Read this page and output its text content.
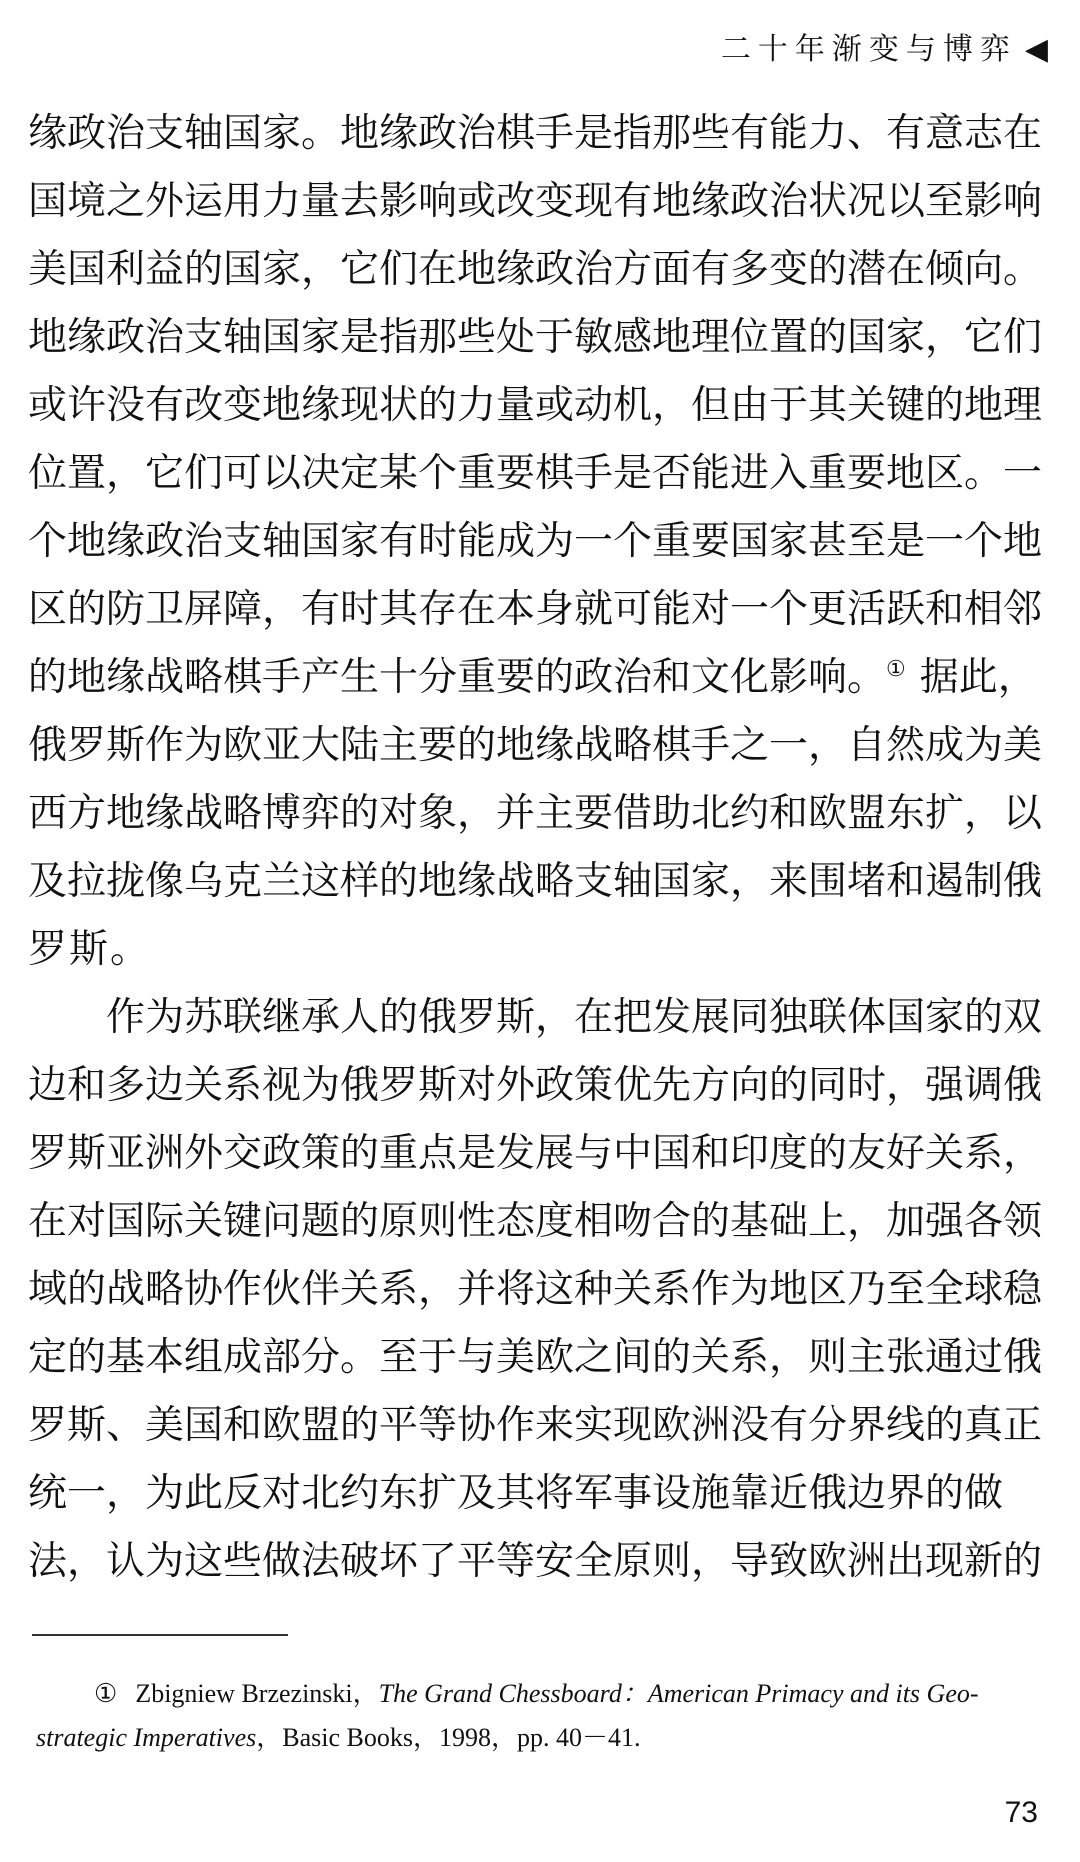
二十年渐变与博弈 ◀
缘政治支轴国家。地缘政治棋手是指那些有能力、有意志在
国境之外运用力量去影响或改变现有地缘政治状况以至影响
美国利益的国家，它们在地缘政治方面有多变的潜在倾向。
地缘政治支轴国家是指那些处于敏感地理位置的国家，它们
或许没有改变地缘现状的力量或动机，但由于其关键的地理
位置，它们可以决定某个重要棋手是否能进入重要地区。一
个地缘政治支轴国家有时能成为一个重要国家甚至是一个地
区的防卫屏障，有时其存在本身就可能对一个更活跃和相邻
的地缘战略棋手产生十分重要的政治和文化影响。① 据此，
俄罗斯作为欧亚大陆主要的地缘战略棋手之一，自然成为美
西方地缘战略博弈的对象，并主要借助北约和欧盟东扩，以
及拉拢像乌克兰这样的地缘战略支轴国家，来围堵和遏制俄
罗斯。
作为苏联继承人的俄罗斯，在把发展同独联体国家的双
边和多边关系视为俄罗斯对外政策优先方向的同时，强调俄
罗斯亚洲外交政策的重点是发展与中国和印度的友好关系，
在对国际关键问题的原则性态度相吻合的基础上，加强各领
域的战略协作伙伴关系，并将这种关系作为地区乃至全球稳
定的基本组成部分。至于与美欧之间的关系，则主张通过俄
罗斯、美国和欧盟的平等协作来实现欧洲没有分界线的真正
统一，为此反对北约东扩及其将军事设施靠近俄边界的做
法，认为这些做法破坏了平等安全原则，导致欧洲出现新的
① Zbigniew Brzezinski，The Grand Chessboard：American Primacy and its Geo-
strategic Imperatives，Basic Books，1998，pp. 40－41.
73
